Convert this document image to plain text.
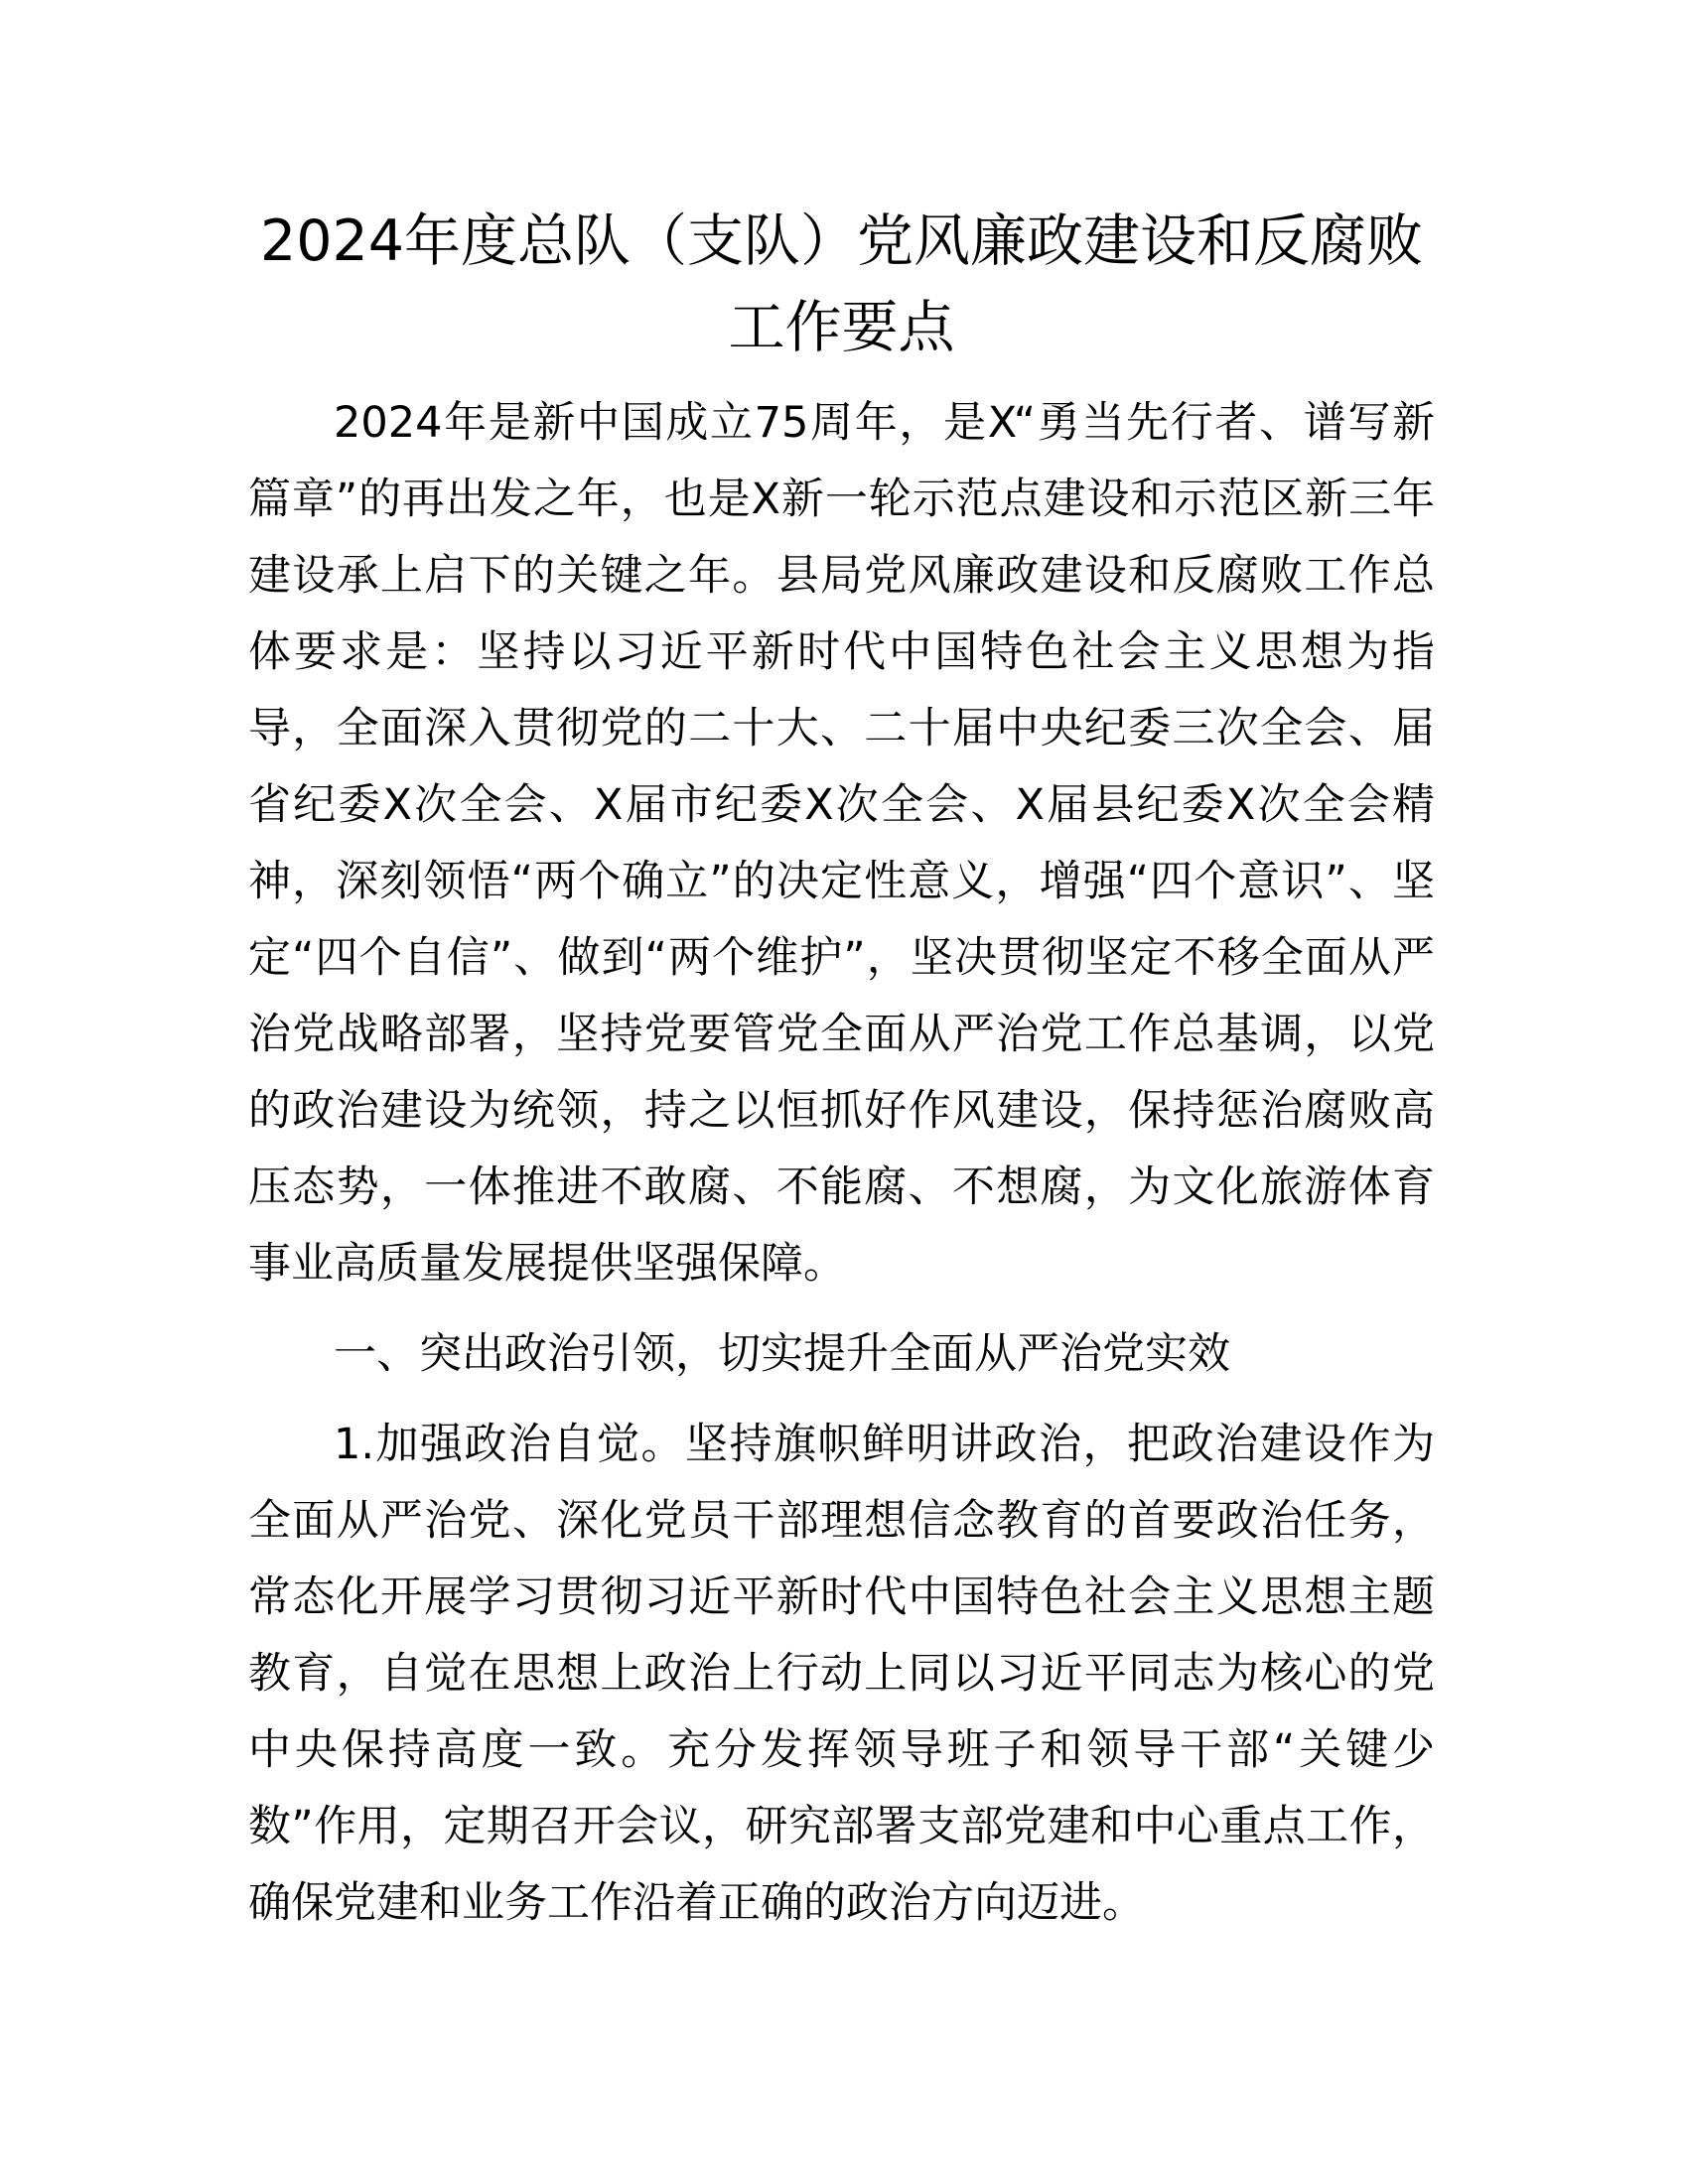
2024年度总队（支队）党风廉政建设和反腐败工作要点

2024年是新中国成立75周年，是X“勇当先行者、谱写新篇章”的再出发之年，也是X新一轮示范点建设和示范区新三年建设承上启下的关键之年。县局党风廉政建设和反腐败工作总体要求是：坚持以习近平新时代中国特色社会主义思想为指导，全面深入贯彻党的二十大、二十届中央纪委三次全会、届省纪委X次全会、X届市纪委X次全会、X届县纪委X次全会精神，深刻领悟“两个确立”的决定性意义，增强“四个意识”、坚定“四个自信”、做到“两个维护”，坚决贯彻坚定不移全面从严治党战略部署，坚持党要管党全面从严治党工作总基调，以党的政治建设为统领，持之以恒抓好作风建设，保持惩治腐败高压态势，一体推进不敢腐、不能腐、不想腐，为文化旅游体育事业高质量发展提供坚强保障。

一、突出政治引领，切实提升全面从严治党实效

1.加强政治自觉。坚持旗帜鲜明讲政治，把政治建设作为全面从严治党、深化党员干部理想信念教育的首要政治任务，常态化开展学习贯彻习近平新时代中国特色社会主义思想主题教育，自觉在思想上政治上行动上同以习近平同志为核心的党中央保持高度一致。充分发挥领导班子和领导干部“关键少数”作用，定期召开会议，研究部署支部党建和中心重点工作，确保党建和业务工作沿着正确的政治方向迈进。
